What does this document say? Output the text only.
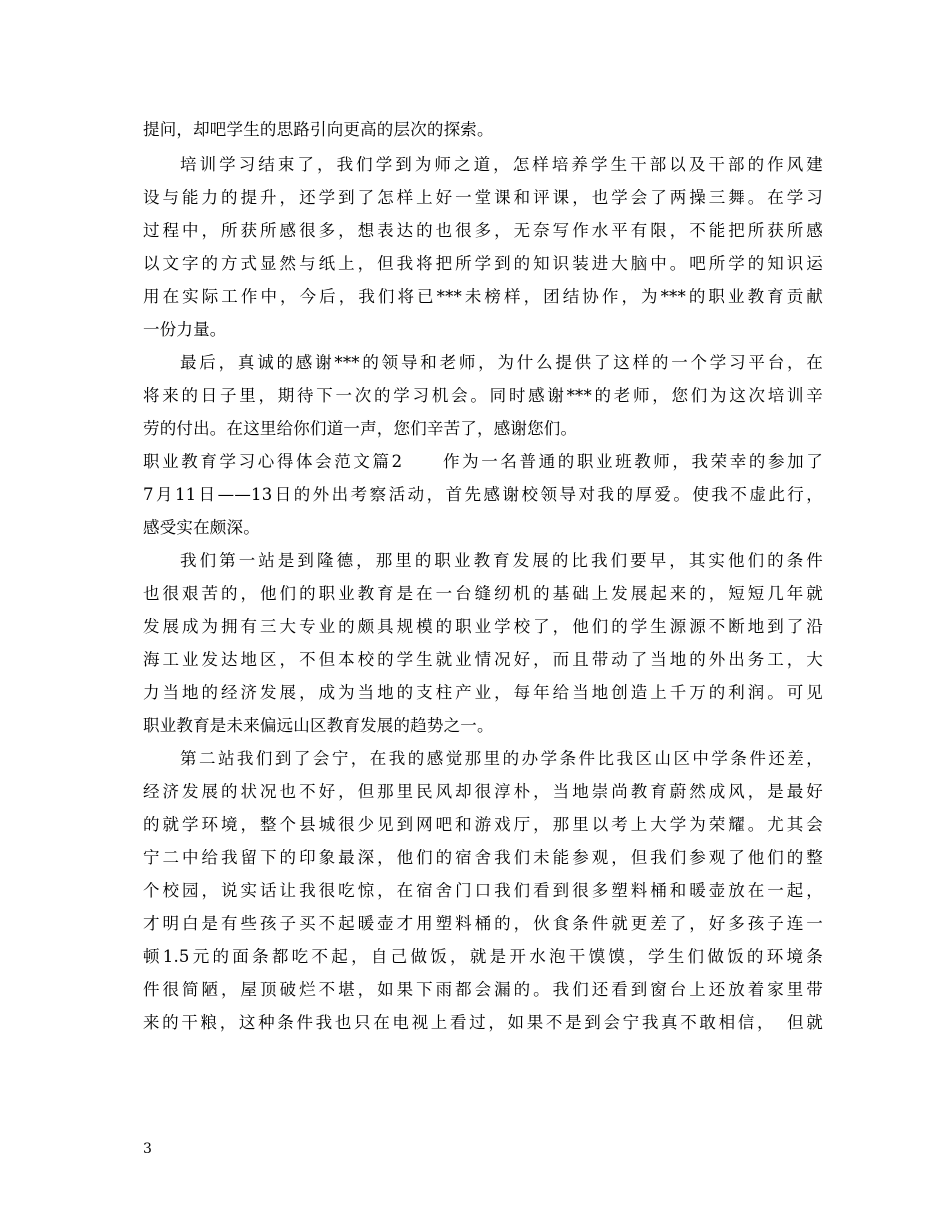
提问，却吧学生的思路引向更高的层次的探索。
培训学习结束了，我们学到为师之道，怎样培养学生干部以及干部的作风建
设与能力的提升，还学到了怎样上好一堂课和评课，也学会了两操三舞。在学习
过程中，所获所感很多，想表达的也很多，无奈写作水平有限，不能把所获所感
以文字的方式显然与纸上，但我将把所学到的知识装进大脑中。吧所学的知识运
用在实际工作中，今后，我们将已***未榜样，团结协作，为***的职业教育贡献
一份力量。
最后，真诚的感谢***的领导和老师，为什么提供了这样的一个学习平台，在
将来的日子里，期待下一次的学习机会。同时感谢***的老师，您们为这次培训辛
劳的付出。在这里给你们道一声，您们辛苦了，感谢您们。
职业教育学习心得体会范文篇2　　作为一名普通的职业班教师，我荣幸的参加了
7月11日——13日的外出考察活动，首先感谢校领导对我的厚爱。使我不虚此行，
感受实在颇深。
我们第一站是到隆德，那里的职业教育发展的比我们要早，其实他们的条件
也很艰苦的，他们的职业教育是在一台缝纫机的基础上发展起来的，短短几年就
发展成为拥有三大专业的颇具规模的职业学校了，他们的学生源源不断地到了沿
海工业发达地区，不但本校的学生就业情况好，而且带动了当地的外出务工，大
力当地的经济发展，成为当地的支柱产业，每年给当地创造上千万的利润。可见
职业教育是未来偏远山区教育发展的趋势之一。
第二站我们到了会宁，在我的感觉那里的办学条件比我区山区中学条件还差，
经济发展的状况也不好，但那里民风却很淳朴，当地崇尚教育蔚然成风，是最好
的就学环境，整个县城很少见到网吧和游戏厅，那里以考上大学为荣耀。尤其会
宁二中给我留下的印象最深，他们的宿舍我们未能参观，但我们参观了他们的整
个校园，说实话让我很吃惊，在宿舍门口我们看到很多塑料桶和暖壶放在一起，
才明白是有些孩子买不起暖壶才用塑料桶的，伙食条件就更差了，好多孩子连一
顿1.5元的面条都吃不起，自己做饭，就是开水泡干馍馍，学生们做饭的环境条
件很简陋，屋顶破烂不堪，如果下雨都会漏的。我们还看到窗台上还放着家里带
来的干粮，这种条件我也只在电视上看过，如果不是到会宁我真不敢相信，　但就
3
